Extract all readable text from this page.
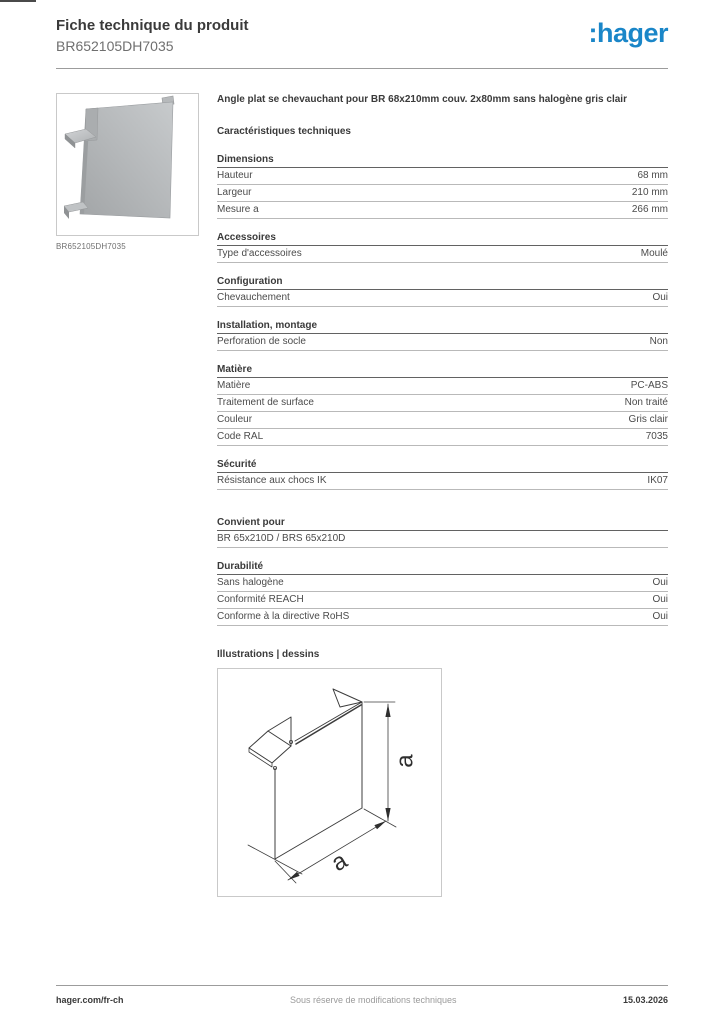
Fiche technique du produit
BR652105DH7035	:hager
BR652105DH7035

Angle plat se chevauchant pour BR 68x210mm couv. 2x80mm sans halogène gris clair

Caractéristiques techniques
Dimensions
Hauteur	68 mm
Largeur	210 mm
Mesure a	266 mm
Accessoires
Type d'accessoires	Moulé
Configuration
Chevauchement	Oui
Installation, montage
Perforation de socle	Non
Matière
Matière	PC-ABS
Traitement de surface	Non traité
Couleur	Gris clair
Code RAL	7035
Sécurité
Résistance aux chocs IK	IK07
Convient pour
BR 65x210D / BRS 65x210D
Durabilité
Sans halogène	Oui
Conformité REACH	Oui
Conforme à la directive RoHS	Oui
Illustrations | dessins
a
a
hager.com/fr-ch	Sous réserve de modifications techniques	15.03.2026
